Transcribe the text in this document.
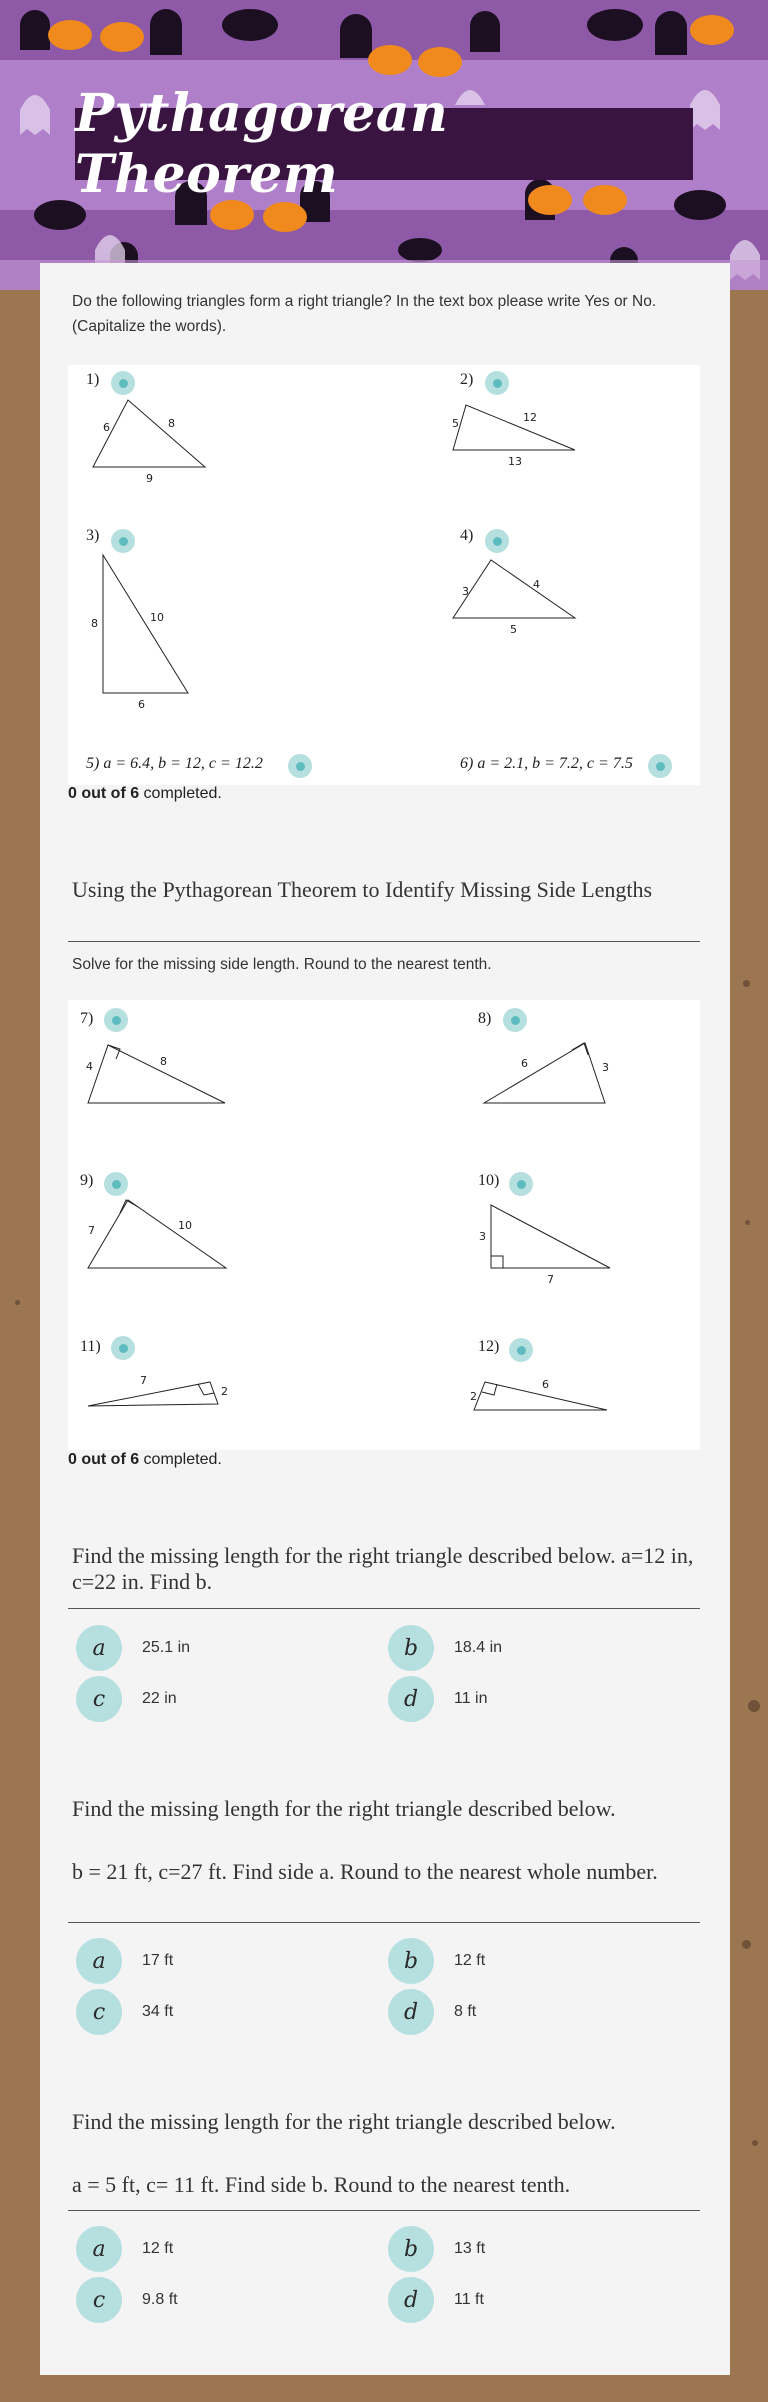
Pythagorean Theorem
Do the following triangles form a right triangle? In the text box please write Yes or No. (Capitalize the words).
1)
6	8
9
2)
5	12
13
3)
8	10
6
4)
3
4
5
5) a = 6.4, b = 12, c = 12.2	6) a = 2.1, b = 7.2, c = 7.5
0 out of 6 completed.
Using the Pythagorean Theorem to Identify Missing Side Lengths
Solve for the missing side length. Round to the nearest tenth.
7)
4	8
8)
6	3
9)
7	10
10)
3
7
11)
7
2
12)
2
6
0 out of 6 completed.
Find the missing length for the right triangle described below. a=12 in, c=22 in. Find b.
a	25.1 in	b	18.4 in
c	22 in	d	11 in
Find the missing length for the right triangle described below.
b = 21 ft, c=27 ft. Find side a. Round to the nearest whole number.
a	17 ft	b	12 ft
c	34 ft	d	8 ft
Find the missing length for the right triangle described below.
a = 5 ft, c= 11 ft. Find side b. Round to the nearest tenth.
a	12 ft	b	13 ft
c	9.8 ft	d	11 ft
